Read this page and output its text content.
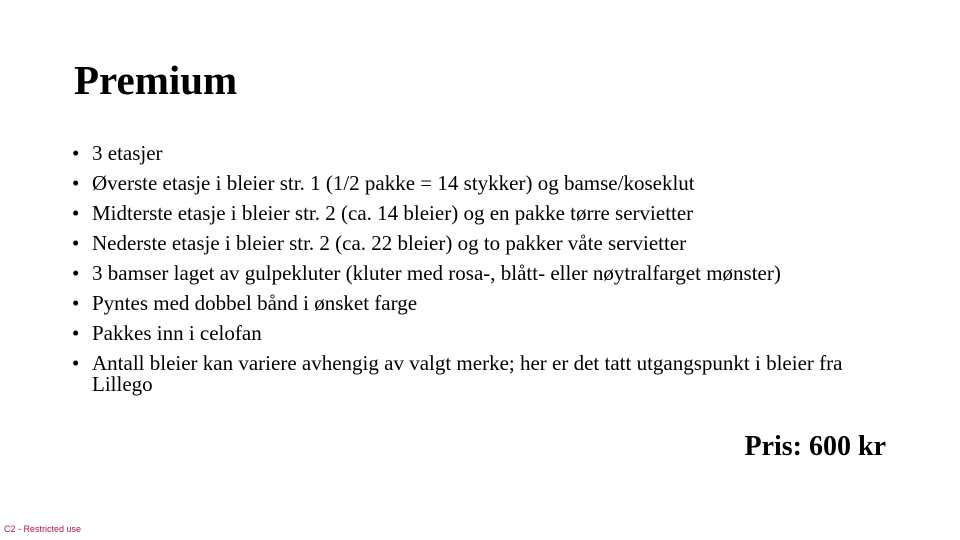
Premium
• 3 etasjer
• Øverste etasje i bleier str. 1 (1/2 pakke = 14 stykker) og bamse/koseklut
• Midterste etasje i bleier str. 2 (ca. 14 bleier) og en pakke tørre servietter
• Nederste etasje i bleier str. 2 (ca. 22 bleier) og to pakker våte servietter
• 3 bamser laget av gulpekluter (kluter med rosa-, blått- eller nøytralfarget mønster)
• Pyntes med dobbel bånd i ønsket farge
• Pakkes inn i celofan
• Antall bleier kan variere avhengig av valgt merke; her er det tatt utgangspunkt i bleier fra Lillego

Pris: 600 kr

C2 - Restricted use
